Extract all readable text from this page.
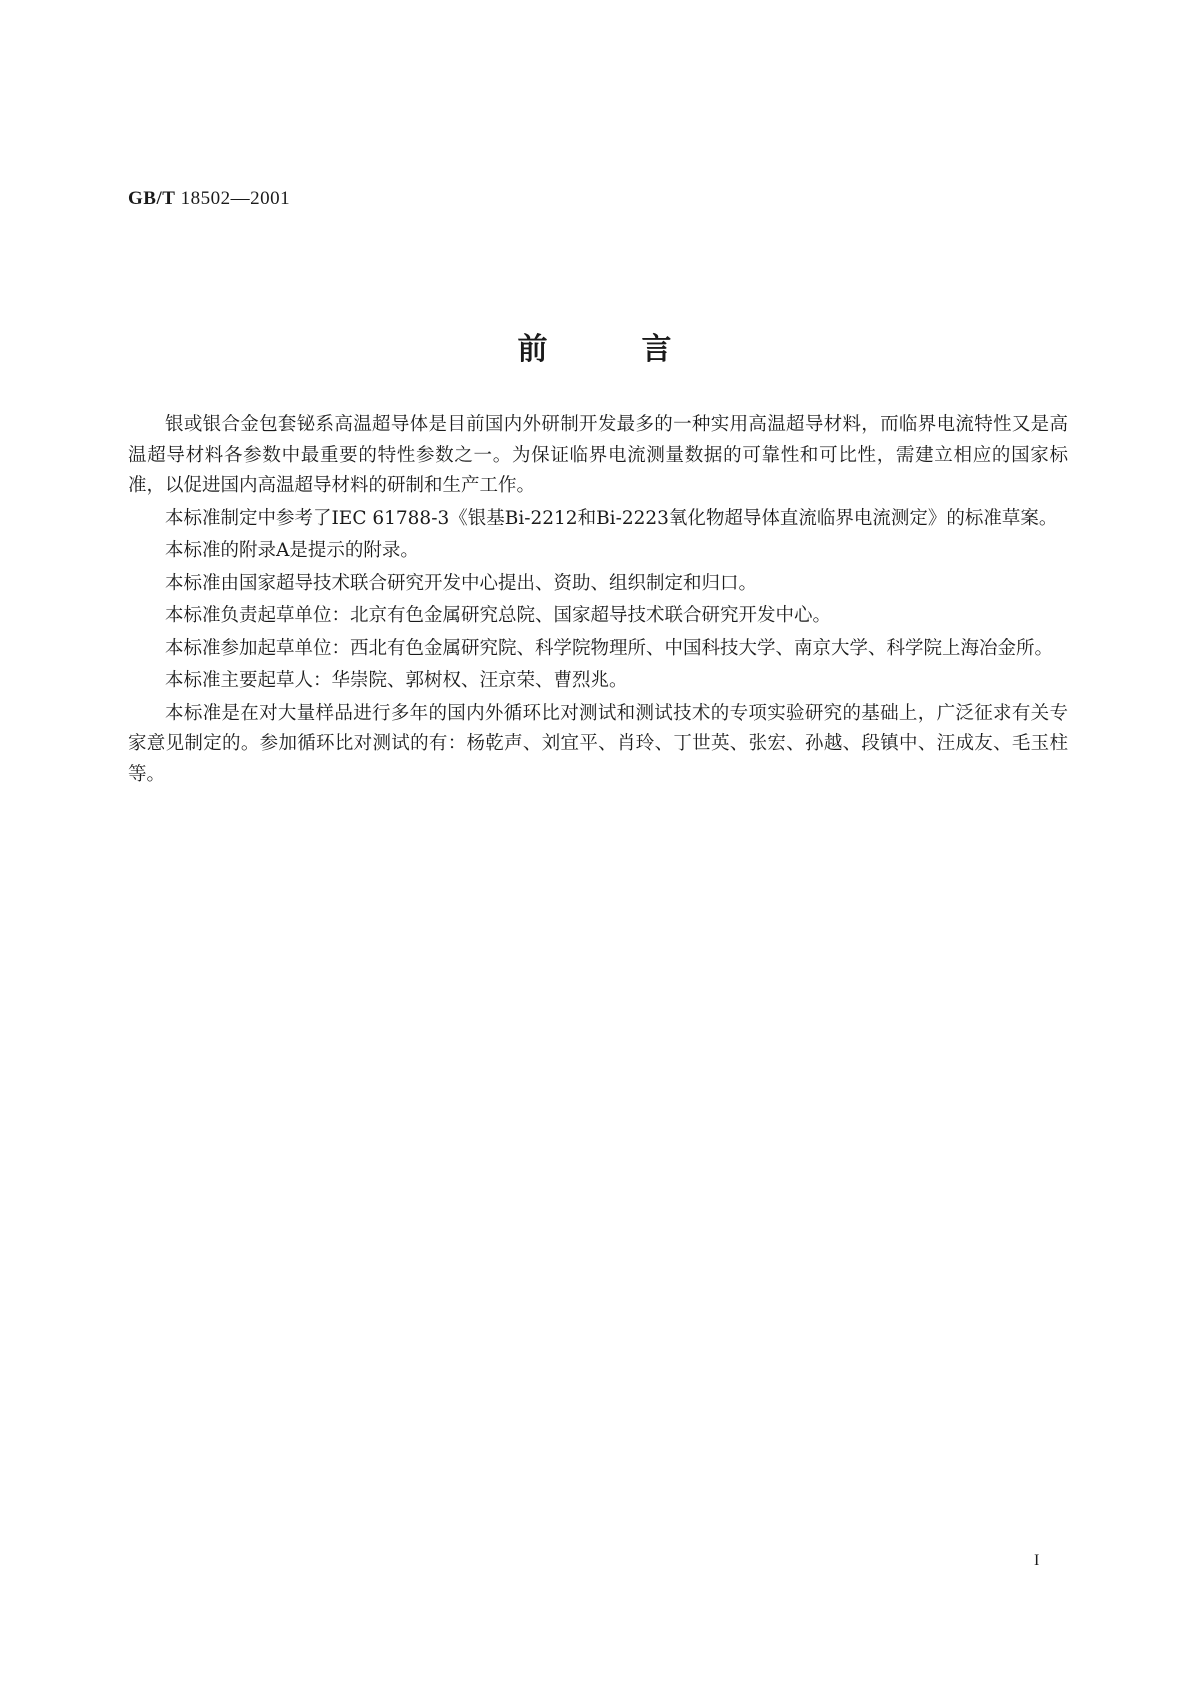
GB/T 18502—2001
前	言

银或银合金包套铋系高温超导体是目前国内外研制开发最多的一种实用高温超导材料，而临界电流特性又是高温超导材料各参数中最重要的特性参数之一。为保证临界电流测量数据的可靠性和可比性，需建立相应的国家标准，以促进国内高温超导材料的研制和生产工作。

本标准制定中参考了IEC 61788-3《银基Bi-2212和Bi-2223氧化物超导体直流临界电流测定》的标准草案。

本标准的附录A是提示的附录。

本标准由国家超导技术联合研究开发中心提出、资助、组织制定和归口。

本标准负责起草单位：北京有色金属研究总院、国家超导技术联合研究开发中心。

本标准参加起草单位：西北有色金属研究院、科学院物理所、中国科技大学、南京大学、科学院上海冶金所。

本标准主要起草人：华崇院、郭树权、汪京荣、曹烈兆。

本标准是在对大量样品进行多年的国内外循环比对测试和测试技术的专项实验研究的基础上，广泛征求有关专家意见制定的。参加循环比对测试的有：杨乾声、刘宜平、肖玲、丁世英、张宏、孙越、段镇中、汪成友、毛玉柱等。

I
